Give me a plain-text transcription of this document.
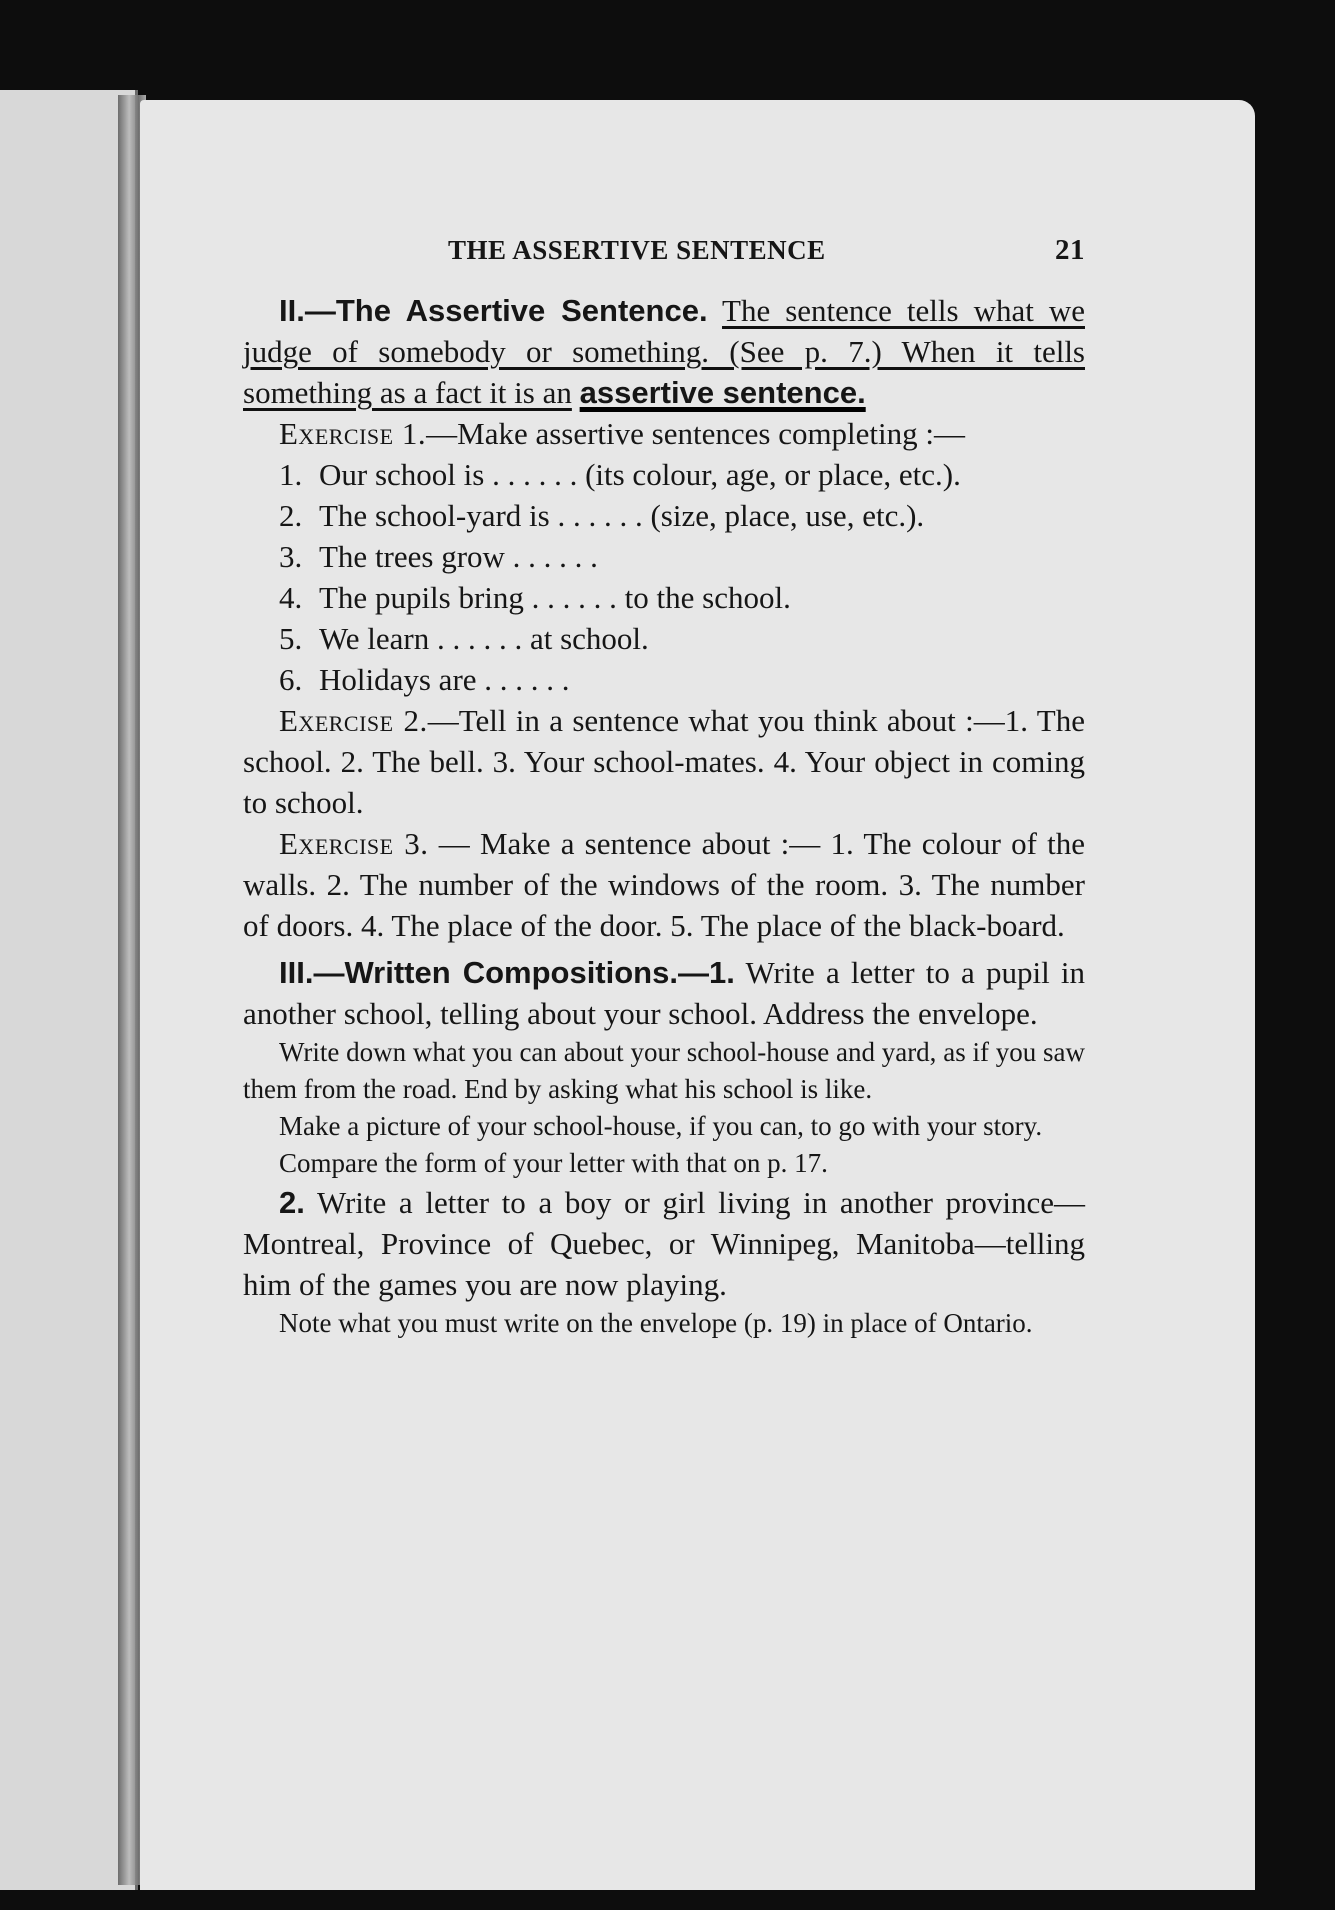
THE ASSERTIVE SENTENCE	21

II.—The Assertive Sentence. The sentence tells what we judge of somebody or something. (See p. 7.) When it tells something as a fact it is an assertive sentence.

Exercise 1.—Make assertive sentences completing :—

1. Our school is . . . . . . (its colour, age, or place, etc.).
2. The school-yard is . . . . . . (size, place, use, etc.).
3. The trees grow . . . . . .
4. The pupils bring . . . . . . to the school.
5. We learn . . . . . . at school.
6. Holidays are . . . . . .

Exercise 2.—Tell in a sentence what you think about :—1. The school. 2. The bell. 3. Your school-mates. 4. Your object in coming to school.

Exercise 3. — Make a sentence about :— 1. The colour of the walls. 2. The number of the windows of the room. 3. The number of doors. 4. The place of the door. 5. The place of the black-board.

III.—Written Compositions.—1. Write a letter to a pupil in another school, telling about your school. Address the envelope.

Write down what you can about your school-house and yard, as if you saw them from the road. End by asking what his school is like.

Make a picture of your school-house, if you can, to go with your story.

Compare the form of your letter with that on p. 17.

2. Write a letter to a boy or girl living in another province—Montreal, Province of Quebec, or Winnipeg, Manitoba—telling him of the games you are now playing.

Note what you must write on the envelope (p. 19) in place of Ontario.
